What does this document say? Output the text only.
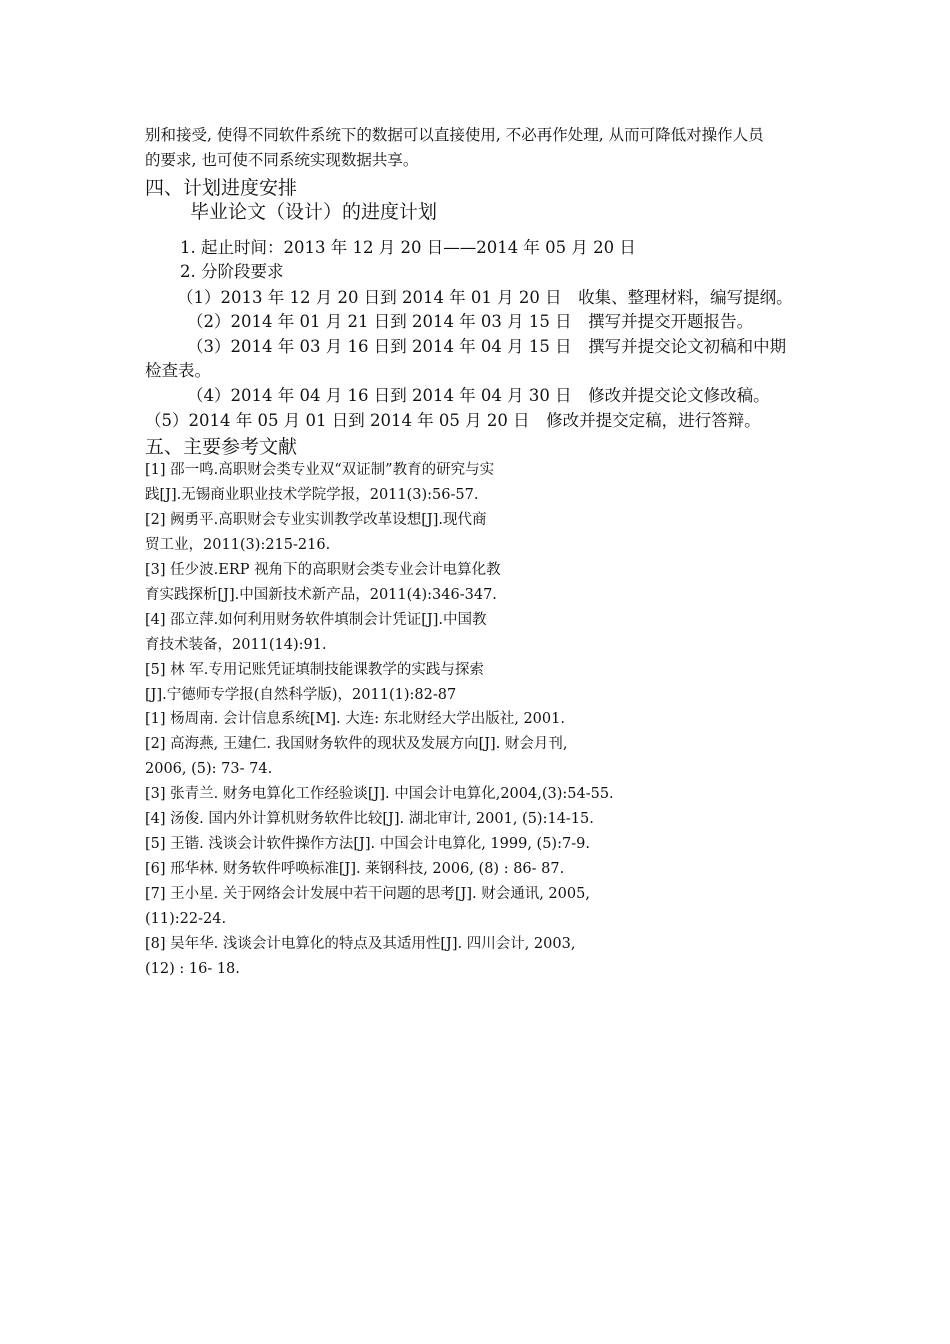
别和接受, 使得不同软件系统下的数据可以直接使用, 不必再作处理, 从而可降低对操作人员
的要求, 也可使不同系统实现数据共享。
四、计划进度安排
毕业论文（设计）的进度计划
1. 起止时间：2013 年 12 月 20 日——2014 年 05 月 20 日
2. 分阶段要求
（1）2013 年 12 月 20 日到 2014 年 01 月 20 日　收集、整理材料，编写提纲。
（2）2014 年 01 月 21 日到 2014 年 03 月 15 日　撰写并提交开题报告。
（3）2014 年 03 月 16 日到 2014 年 04 月 15 日　撰写并提交论文初稿和中期
检查表。
（4）2014 年 04 月 16 日到 2014 年 04 月 30 日　修改并提交论文修改稿。
（5）2014 年 05 月 01 日到 2014 年 05 月 20 日　修改并提交定稿，进行答辩。
五、主要参考文献
[1] 邵一鸣.高职财会类专业双“双证制”教育的研究与实
践[J].无锡商业职业技术学院学报，2011(3):56-57.
[2] 阙勇平.高职财会专业实训教学改革设想[J].现代商
贸工业，2011(3):215-216.
[3] 任少波.ERP 视角下的高职财会类专业会计电算化教
育实践探析[J].中国新技术新产品，2011(4):346-347.
[4] 邵立萍.如何利用财务软件填制会计凭证[J].中国教
育技术装备，2011(14):91.
[5] 林 军.专用记账凭证填制技能课教学的实践与探索
[J].宁德师专学报(自然科学版)，2011(1):82-87
[1] 杨周南. 会计信息系统[M]. 大连: 东北财经大学出版社, 2001.
[2] 高海燕, 王建仁. 我国财务软件的现状及发展方向[J]. 财会月刊,
2006, (5): 73- 74.
[3] 张青兰. 财务电算化工作经验谈[J]. 中国会计电算化,2004,(3):54-55.
[4] 汤俊. 国内外计算机财务软件比较[J]. 湖北审计, 2001, (5):14-15.
[5] 王锴. 浅谈会计软件操作方法[J]. 中国会计电算化, 1999, (5):7-9.
[6] 邢华林. 财务软件呼唤标准[J]. 莱钢科技, 2006, (8) : 86- 87.
[7] 王小星. 关于网络会计发展中若干问题的思考[J]. 财会通讯, 2005,
(11):22-24.
[8] 吴年华. 浅谈会计电算化的特点及其适用性[J]. 四川会计, 2003,
(12) : 16- 18.
